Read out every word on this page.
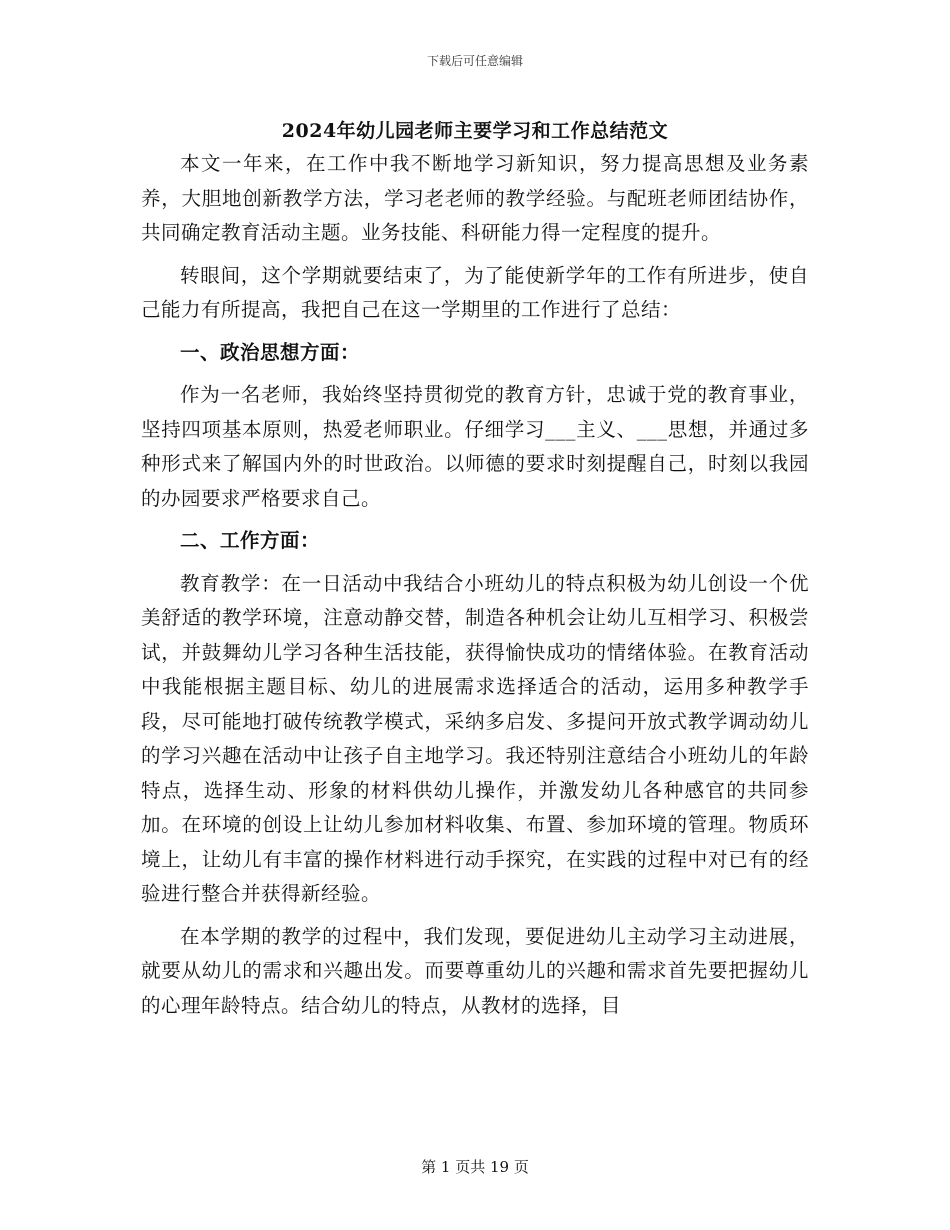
下载后可任意编辑
2024年幼儿园老师主要学习和工作总结范文

本文一年来，在工作中我不断地学习新知识，努力提高思想及业务素养，大胆地创新教学方法，学习老老师的教学经验。与配班老师团结协作，共同确定教育活动主题。业务技能、科研能力得一定程度的提升。

转眼间，这个学期就要结束了，为了能使新学年的工作有所进步，使自己能力有所提高，我把自己在这一学期里的工作进行了总结：

一、政治思想方面：

作为一名老师，我始终坚持贯彻党的教育方针，忠诚于党的教育事业，坚持四项基本原则，热爱老师职业。仔细学习___主义、___思想，并通过多种形式来了解国内外的时世政治。以师德的要求时刻提醒自己，时刻以我园的办园要求严格要求自己。

二、工作方面：

教育教学：在一日活动中我结合小班幼儿的特点积极为幼儿创设一个优美舒适的教学环境，注意动静交替，制造各种机会让幼儿互相学习、积极尝试，并鼓舞幼儿学习各种生活技能，获得愉快成功的情绪体验。在教育活动中我能根据主题目标、幼儿的进展需求选择适合的活动，运用多种教学手段，尽可能地打破传统教学模式，采纳多启发、多提问开放式教学调动幼儿的学习兴趣在活动中让孩子自主地学习。我还特别注意结合小班幼儿的年龄特点，选择生动、形象的材料供幼儿操作，并激发幼儿各种感官的共同参加。在环境的创设上让幼儿参加材料收集、布置、参加环境的管理。物质环境上，让幼儿有丰富的操作材料进行动手探究，在实践的过程中对已有的经验进行整合并获得新经验。

在本学期的教学的过程中，我们发现，要促进幼儿主动学习主动进展，就要从幼儿的需求和兴趣出发。而要尊重幼儿的兴趣和需求首先要把握幼儿的心理年龄特点。结合幼儿的特点，从教材的选择，目

第 1 页共 19 页
